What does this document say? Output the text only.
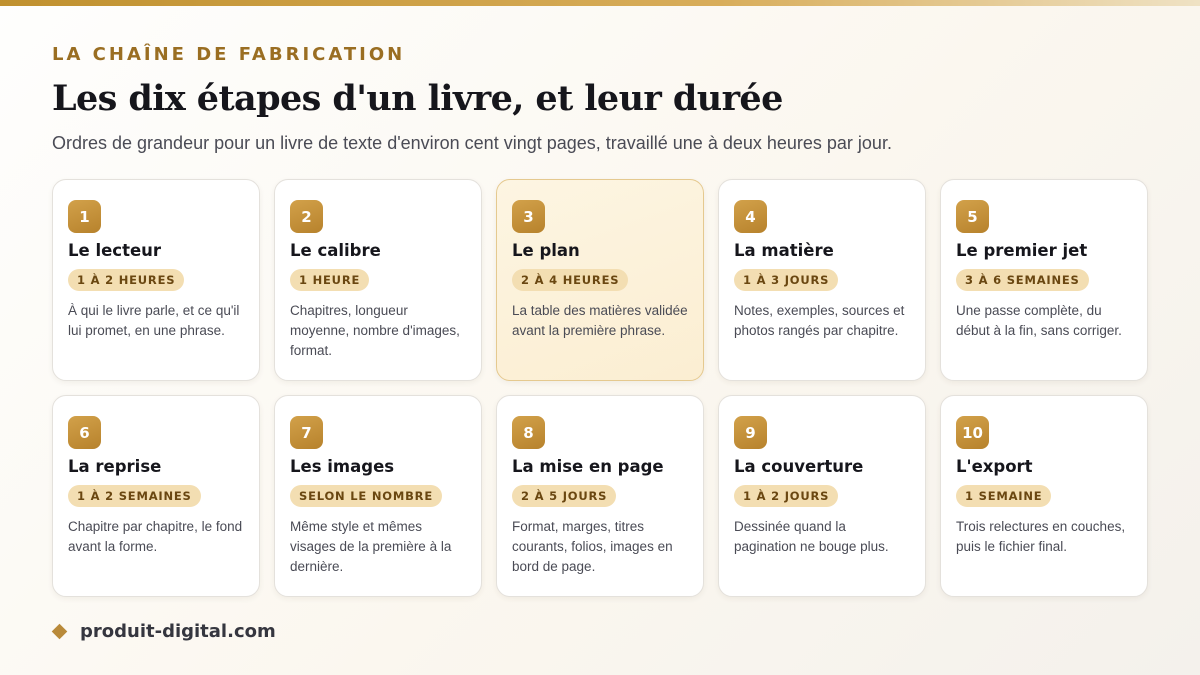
LA CHAÎNE DE FABRICATION
Les dix étapes d'un livre, et leur durée
Ordres de grandeur pour un livre de texte d'environ cent vingt pages, travaillé une à deux heures par jour.
1
Le lecteur
1 À 2 HEURES
À qui le livre parle, et ce qu'il lui promet, en une phrase.
2
Le calibre
1 HEURE
Chapitres, longueur moyenne, nombre d'images, format.
3
Le plan
2 À 4 HEURES
La table des matières validée avant la première phrase.
4
La matière
1 À 3 JOURS
Notes, exemples, sources et photos rangés par chapitre.
5
Le premier jet
3 À 6 SEMAINES
Une passe complète, du début à la fin, sans corriger.
6
La reprise
1 À 2 SEMAINES
Chapitre par chapitre, le fond avant la forme.
7
Les images
SELON LE NOMBRE
Même style et mêmes visages de la première à la dernière.
8
La mise en page
2 À 5 JOURS
Format, marges, titres courants, folios, images en bord de page.
9
La couverture
1 À 2 JOURS
Dessinée quand la pagination ne bouge plus.
10
L'export
1 SEMAINE
Trois relectures en couches, puis le fichier final.
produit-digital.com
